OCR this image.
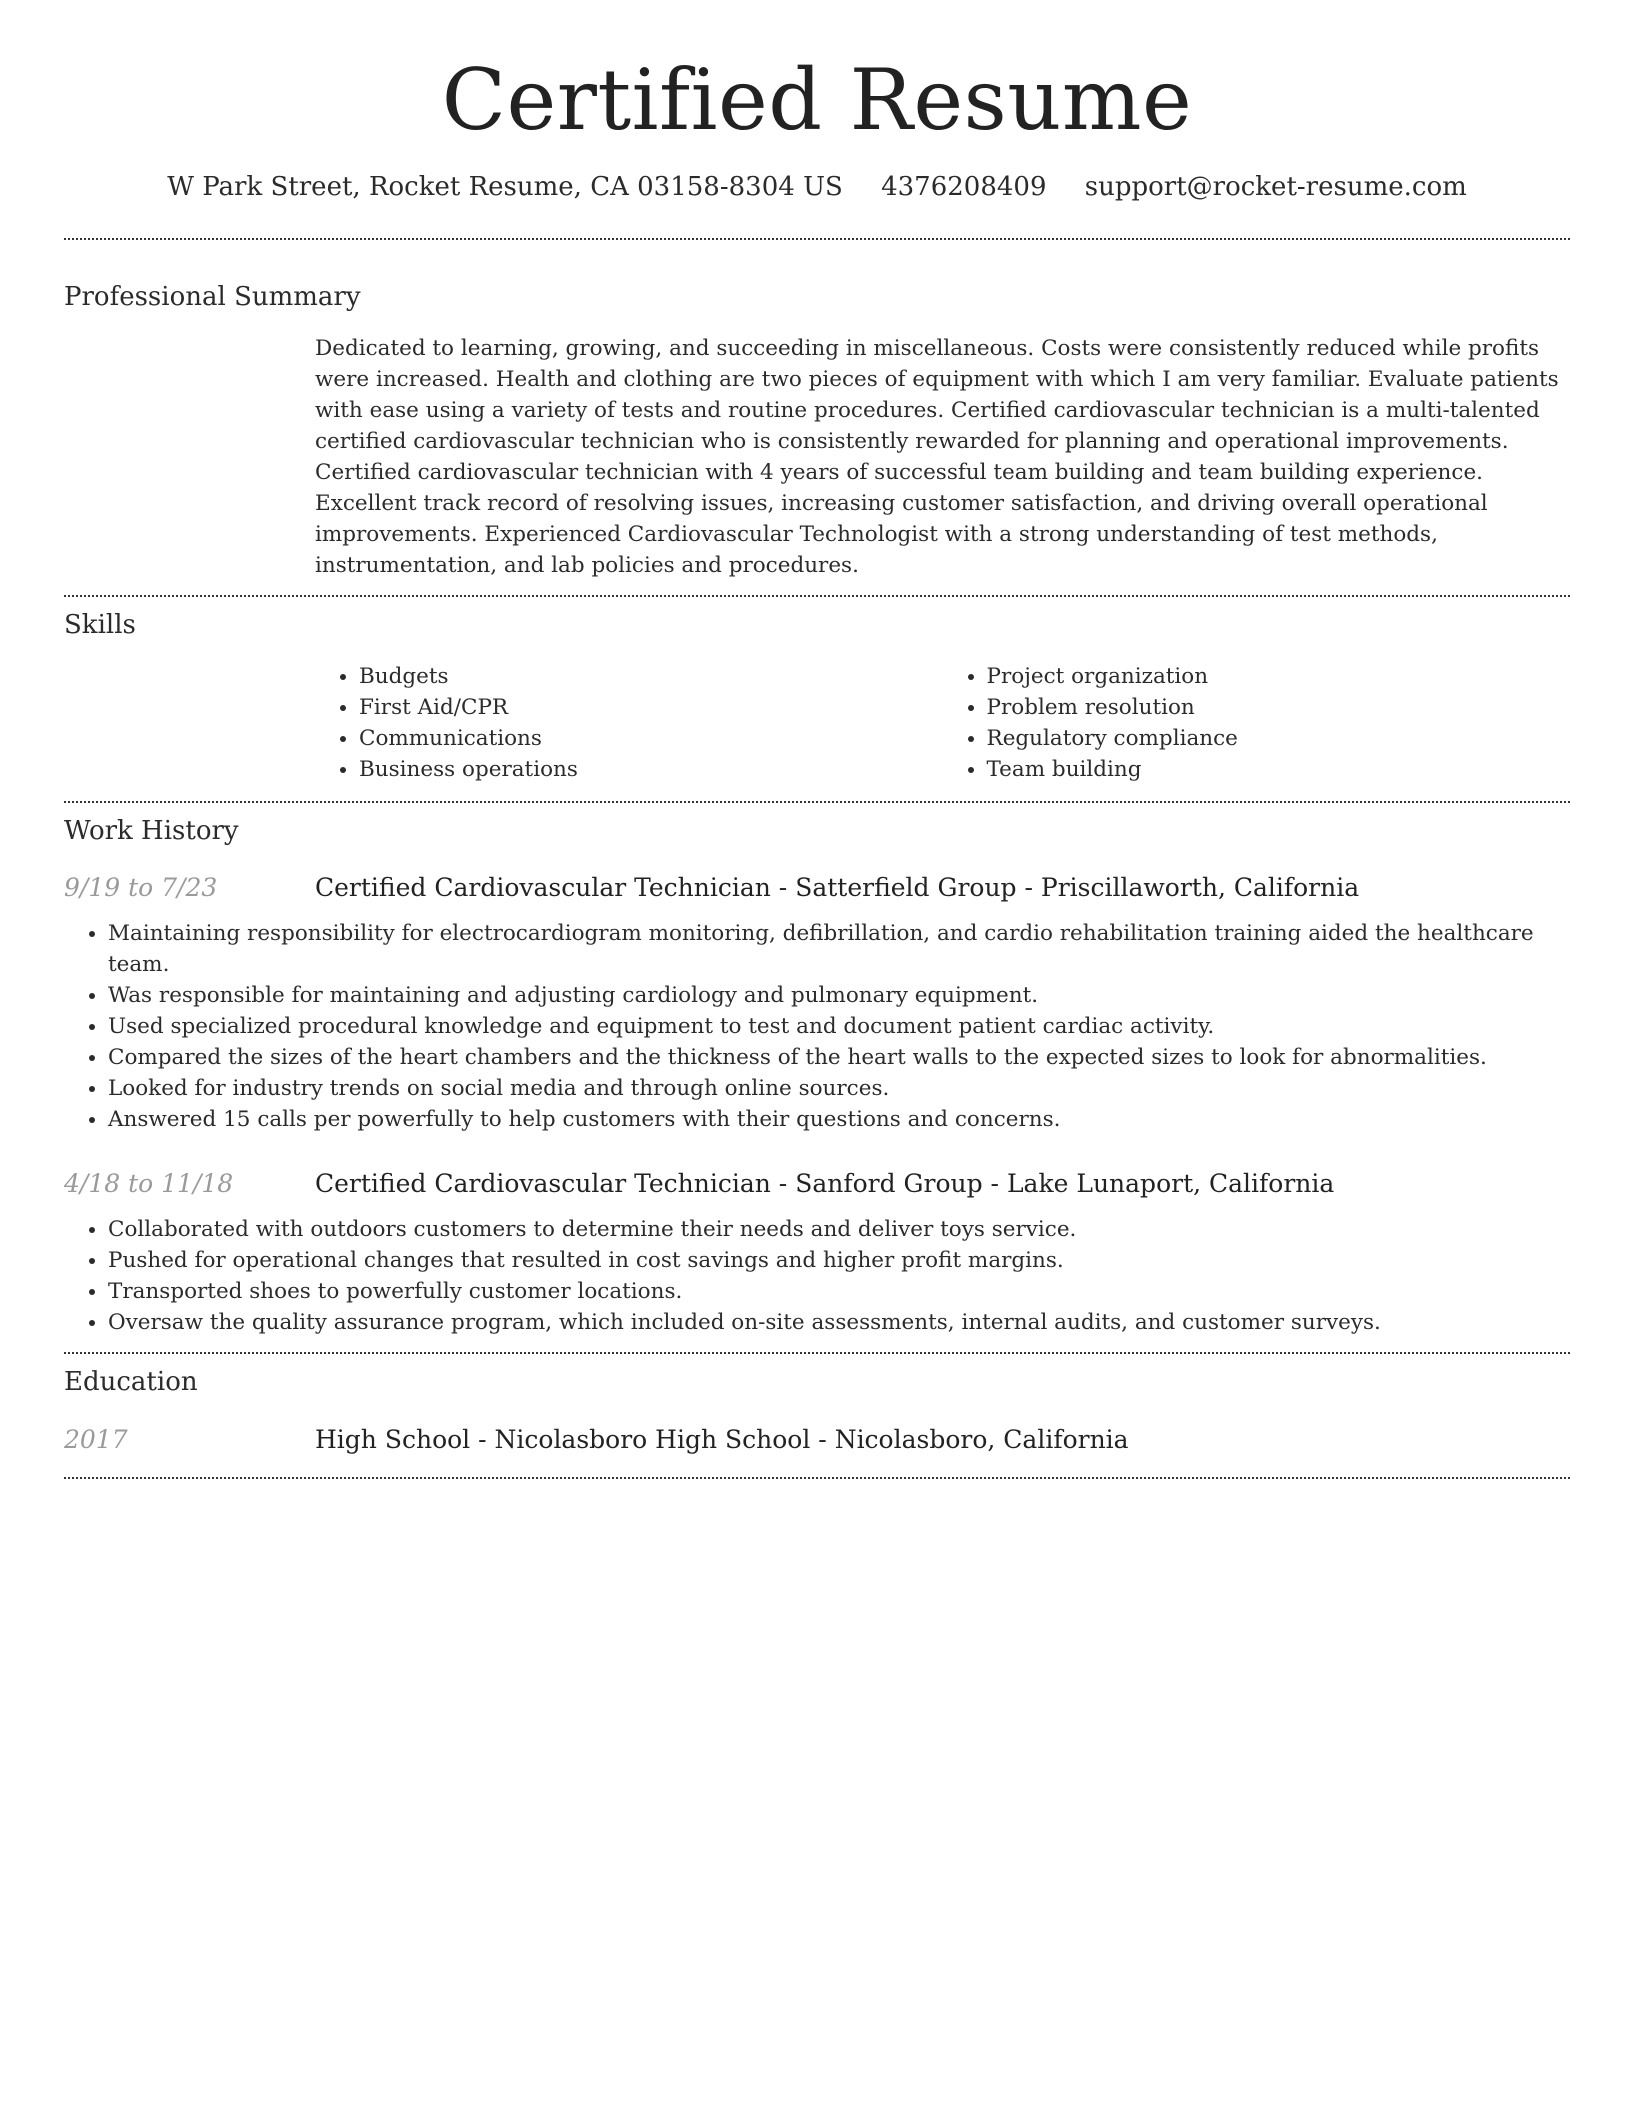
Certified Resume
W Park Street, Rocket Resume, CA 03158-8304 US 4376208409 support@rocket-resume.com
Professional Summary

Dedicated to learning, growing, and succeeding in miscellaneous. Costs were consistently reduced while profits were increased. Health and clothing are two pieces of equipment with which I am very familiar. Evaluate patients with ease using a variety of tests and routine procedures. Certified cardiovascular technician is a multi-talented certified cardiovascular technician who is consistently rewarded for planning and operational improvements. Certified cardiovascular technician with 4 years of successful team building and team building experience. Excellent track record of resolving issues, increasing customer satisfaction, and driving overall operational improvements. Experienced Cardiovascular Technologist with a strong understanding of test methods, instrumentation, and lab policies and procedures.

Skills
• Budgets
• First Aid/CPR
• Communications
• Business operations
• Project organization
• Problem resolution
• Regulatory compliance
• Team building
Work History
9/19 to 7/23	Certified Cardiovascular Technician - Satterfield Group - Priscillaworth, California
• Maintaining responsibility for electrocardiogram monitoring, defibrillation, and cardio rehabilitation training aided the healthcare team.
• Was responsible for maintaining and adjusting cardiology and pulmonary equipment.
• Used specialized procedural knowledge and equipment to test and document patient cardiac activity.
• Compared the sizes of the heart chambers and the thickness of the heart walls to the expected sizes to look for abnormalities.
• Looked for industry trends on social media and through online sources.
• Answered 15 calls per powerfully to help customers with their questions and concerns.
4/18 to 11/18	Certified Cardiovascular Technician - Sanford Group - Lake Lunaport, California
• Collaborated with outdoors customers to determine their needs and deliver toys service.
• Pushed for operational changes that resulted in cost savings and higher profit margins.
• Transported shoes to powerfully customer locations.
• Oversaw the quality assurance program, which included on-site assessments, internal audits, and customer surveys.
Education
2017	High School - Nicolasboro High School - Nicolasboro, California
